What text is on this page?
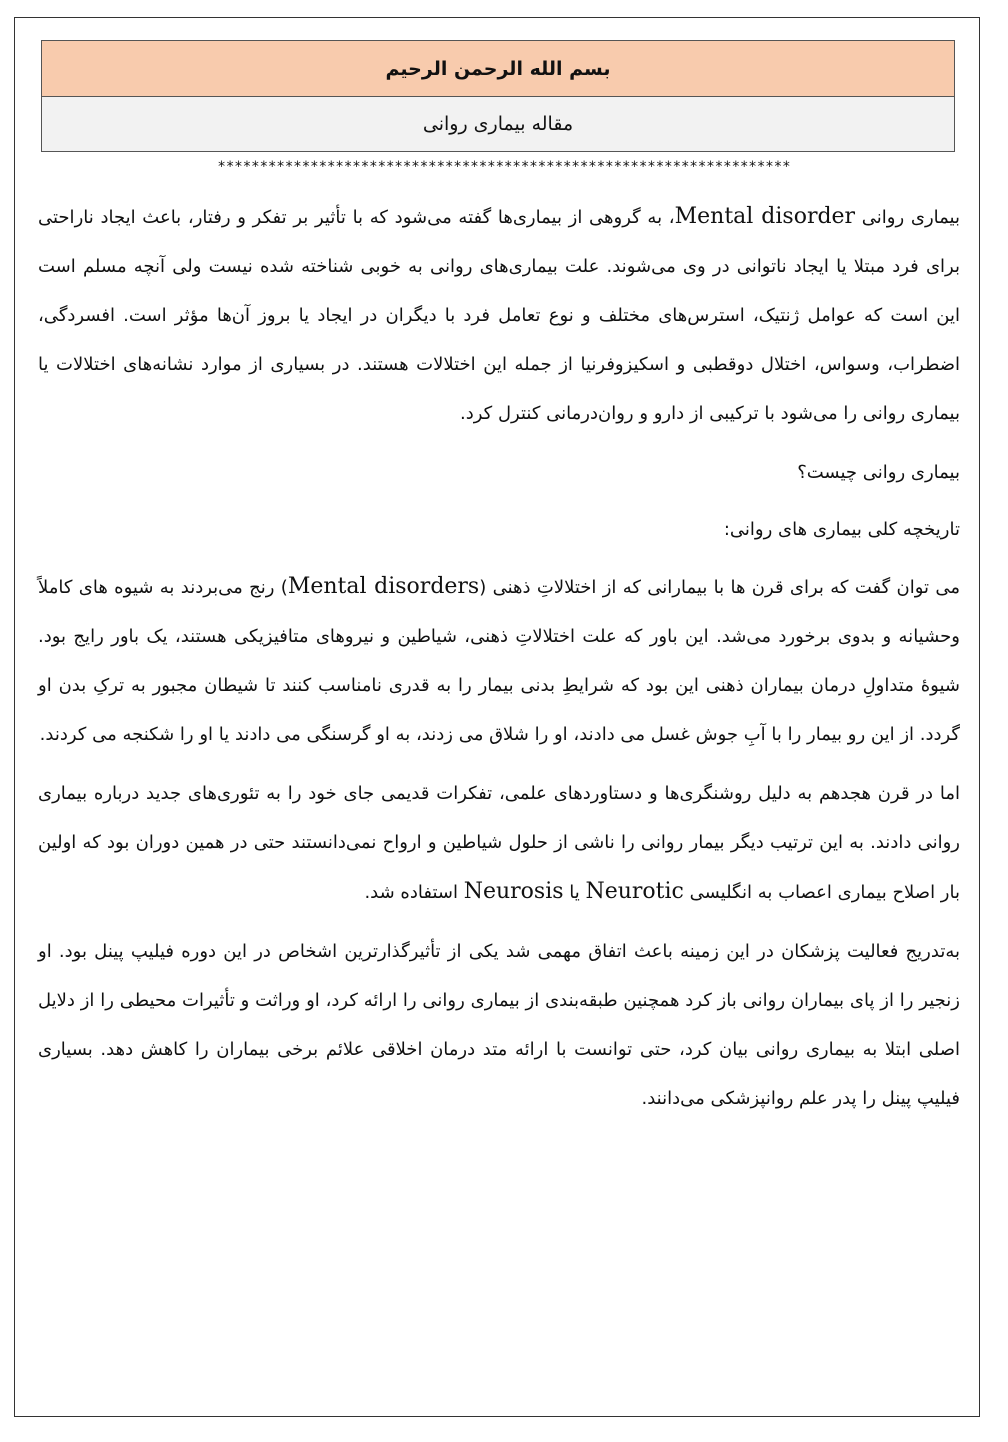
بسم الله الرحمن الرحیم
مقاله بیماری روانی
********************************************************************

بیماری روانی Mental disorder، به گروهی از بیماری‌ها گفته می‌شود که با تأثیر بر تفکر و رفتار، باعث ایجاد ناراحتی برای فرد مبتلا یا ایجاد ناتوانی در وی می‌شوند. علت بیماری‌های روانی به خوبی شناخته شده نیست ولی آنچه مسلم است این است که عوامل ژنتیک، استرس‌های مختلف و نوع تعامل فرد با دیگران در ایجاد یا بروز آن‌ها مؤثر است. افسردگی، اضطراب، وسواس، اختلال دوقطبی و اسکیزوفرنیا از جمله این اختلالات هستند. در بسیاری از موارد نشانه‌های اختلالات یا بیماری روانی را می‌شود با ترکیبی از دارو و روان‌درمانی کنترل کرد.

بیماری روانی چیست؟

تاریخچه کلی بیماری های روانی:

می توان گفت که برای قرن ها با بیمارانی که از اختلالاتِ ذهنی (Mental disorders) رنج می‌بردند به شیوه های کاملاً وحشیانه و بدوی برخورد می‌شد. این باور که علت اختلالاتِ ذهنی، شیاطین و نیروهای متافیزیکی هستند، یک باور رایج بود. شیوهٔ متداولِ درمان بیماران ذهنی این بود که شرایطِ بدنی بیمار را به قدری نامناسب کنند تا شیطان مجبور به ترکِ بدن او گردد. از این رو بیمار را با آبِ جوش غسل می دادند، او را شلاق می زدند، به او گرسنگی می دادند یا او را شکنجه می کردند.

اما در قرن هجدهم به دلیل روشنگری‌ها و دستاوردهای علمی، تفکرات قدیمی جای خود را به تئوری‌های جدید درباره بیماری روانی دادند. به این ترتیب دیگر بیمار روانی را ناشی از حلول شیاطین و ارواح نمی‌دانستند حتی در همین دوران بود که اولین بار اصلاح بیماری اعصاب به انگلیسی Neurotic یا Neurosis استفاده شد.

به‌تدریج فعالیت پزشکان در این زمینه باعث اتفاق مهمی شد یکی از تأثیرگذارترین اشخاص در این دوره فیلیپ پینل بود. او زنجیر را از پای بیماران روانی باز کرد همچنین طبقه‌بندی از بیماری روانی را ارائه کرد، او وراثت و تأثیرات محیطی را از دلایل اصلی ابتلا به بیماری روانی بیان کرد، حتی توانست با ارائه متد درمان اخلاقی علائم برخی بیماران را کاهش دهد. بسیاری فیلیپ پینل را پدر علم روانپزشکی می‌دانند.
